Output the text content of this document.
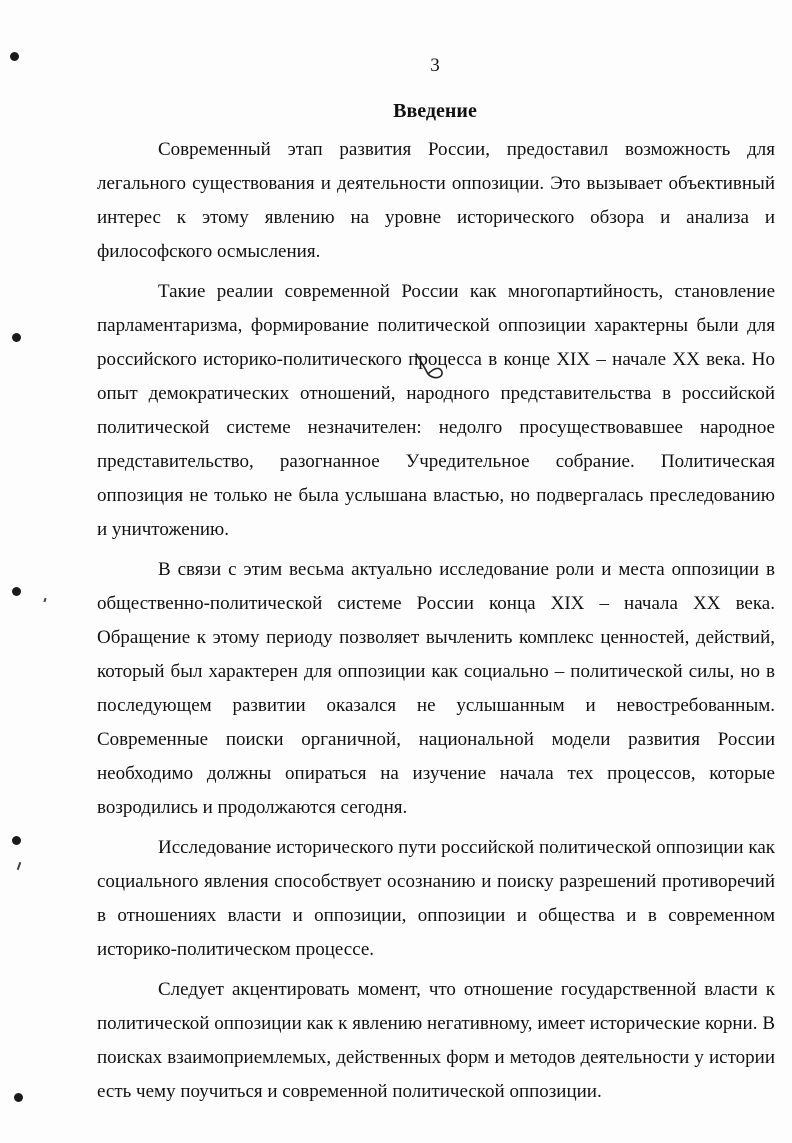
3
Введение

Современный этап развития России, предоставил возможность для легального существования и деятельности оппозиции. Это вызывает объективный интерес к этому явлению на уровне исторического обзора и анализа и философского осмысления.

Такие реалии современной России как многопартийность, становление парламентаризма, формирование политической оппозиции характерны были для российского историко-политического процесса в конце XIX – начале XX века. Но опыт демократических отношений, народного представительства в российской политической системе незначителен: недолго просуществовавшее народное представительство, разогнанное Учредительное собрание. Политическая оппозиция не только не была услышана властью, но подвергалась преследованию и уничтожению.

В связи с этим весьма актуально исследование роли и места оппозиции в общественно-политической системе России конца XIX – начала XX века. Обращение к этому периоду позволяет вычленить комплекс ценностей, действий, который был характерен для оппозиции как социально – политической силы, но в последующем развитии оказался не услышанным и невостребованным. Современные поиски органичной, национальной модели развития России необходимо должны опираться на изучение начала тех процессов, которые возродились и продолжаются сегодня.

Исследование исторического пути российской политической оппозиции как социального явления способствует осознанию и поиску разрешений противоречий в отношениях власти и оппозиции, оппозиции и общества и в современном историко-политическом процессе.

Следует акцентировать момент, что отношение государственной власти к политической оппозиции как к явлению негативному, имеет исторические корни. В поисках взаимоприемлемых, действенных форм и методов деятельности у истории есть чему поучиться и современной политической оппозиции.
